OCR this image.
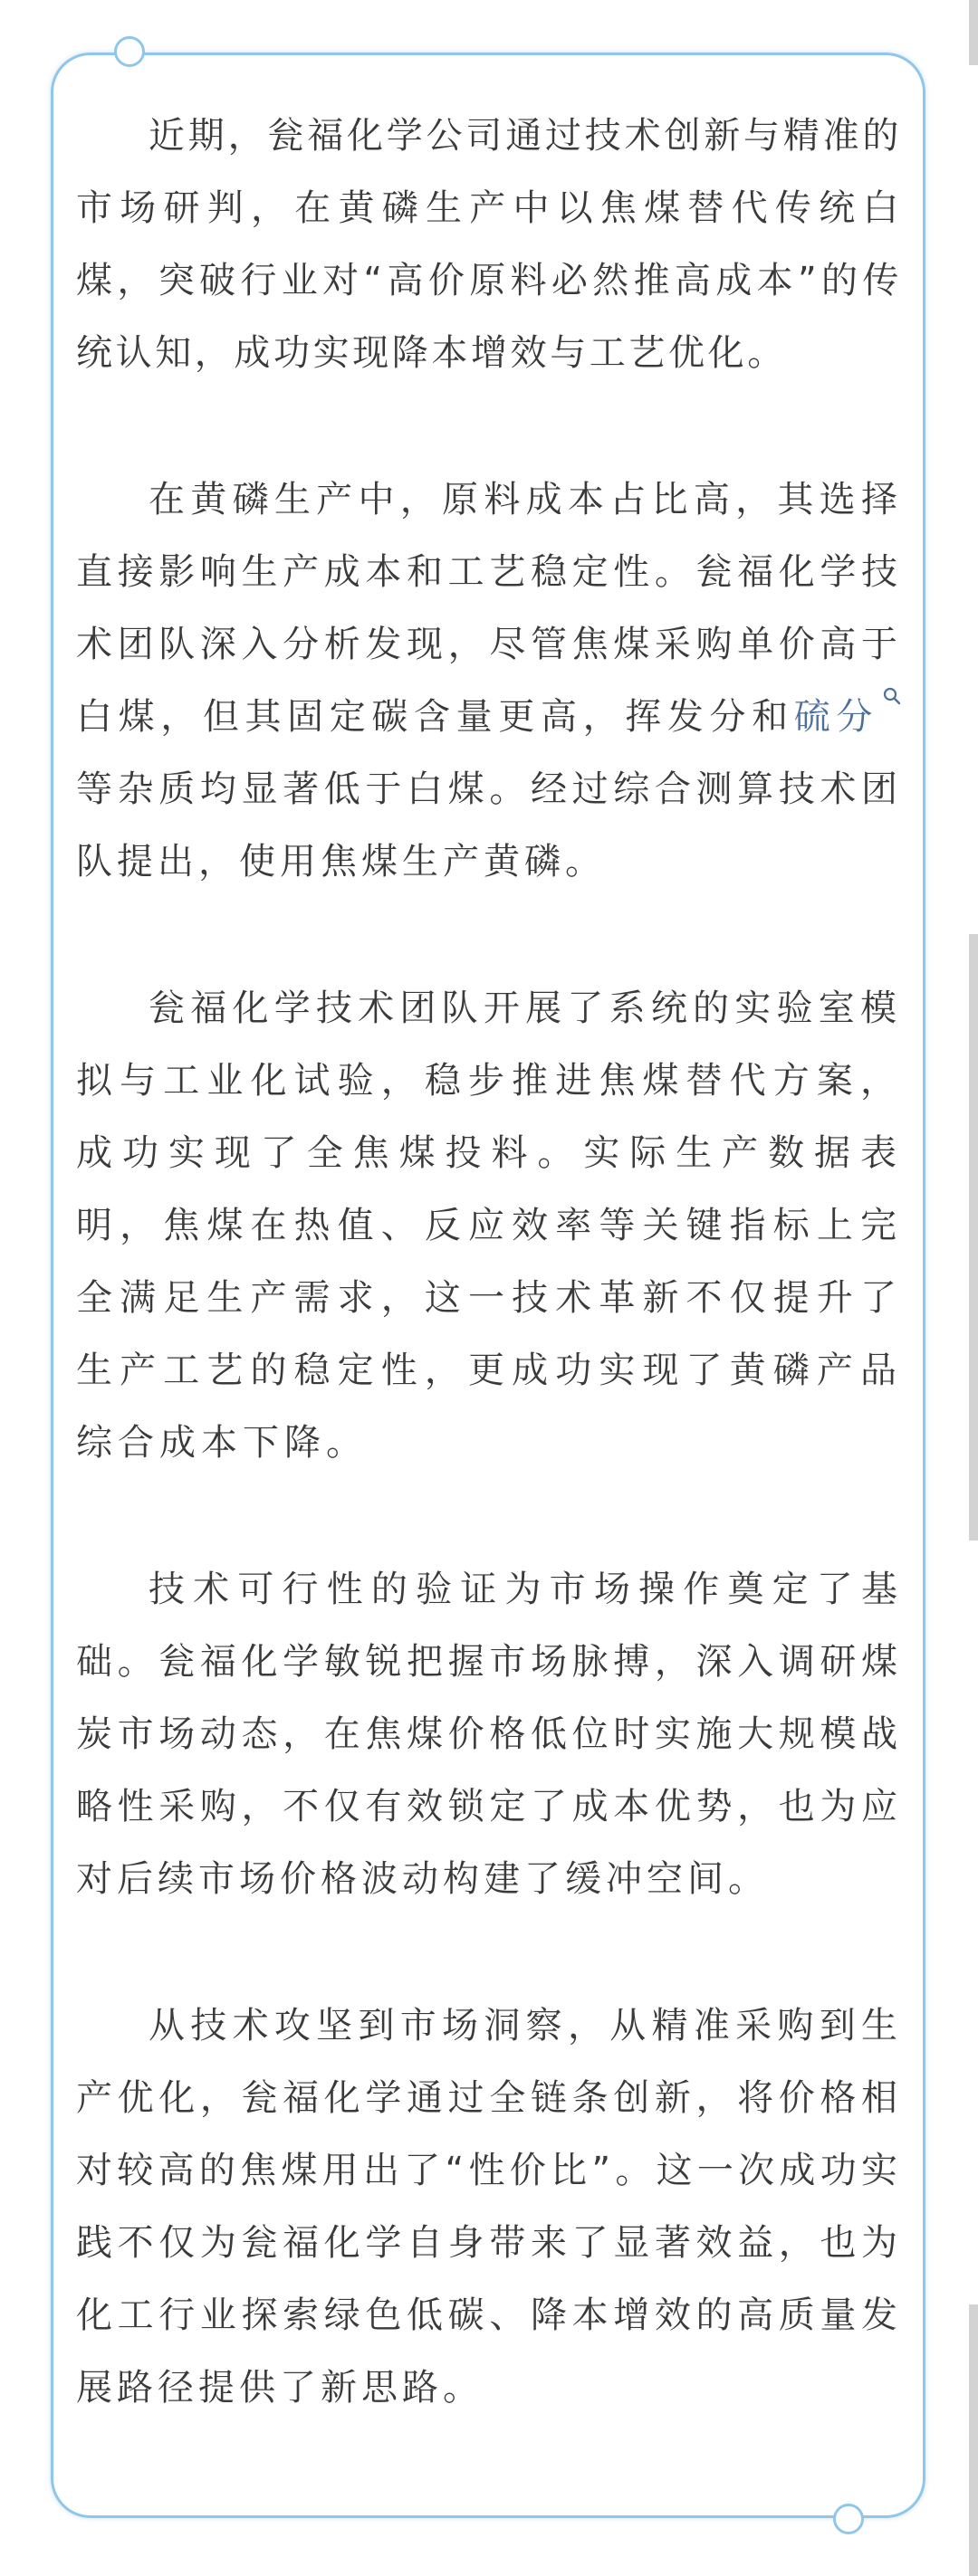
近期，瓮福化学公司通过技术创新与精准的市场研判，在黄磷生产中以焦煤替代传统白煤，突破行业对“高价原料必然推高成本”的传统认知，成功实现降本增效与工艺优化。

在黄磷生产中，原料成本占比高，其选择直接影响生产成本和工艺稳定性。瓮福化学技术团队深入分析发现，尽管焦煤采购单价高于白煤，但其固定碳含量更高，挥发分和硫分等杂质均显著低于白煤。经过综合测算技术团队提出，使用焦煤生产黄磷。

瓮福化学技术团队开展了系统的实验室模拟与工业化试验，稳步推进焦煤替代方案，成功实现了全焦煤投料。实际生产数据表明，焦煤在热值、反应效率等关键指标上完全满足生产需求，这一技术革新不仅提升了生产工艺的稳定性，更成功实现了黄磷产品综合成本下降。

技术可行性的验证为市场操作奠定了基础。瓮福化学敏锐把握市场脉搏，深入调研煤炭市场动态，在焦煤价格低位时实施大规模战略性采购，不仅有效锁定了成本优势，也为应对后续市场价格波动构建了缓冲空间。

从技术攻坚到市场洞察，从精准采购到生产优化，瓮福化学通过全链条创新，将价格相对较高的焦煤用出了“性价比”。这一次成功实践不仅为瓮福化学自身带来了显著效益，也为化工行业探索绿色低碳、降本增效的高质量发展路径提供了新思路。
